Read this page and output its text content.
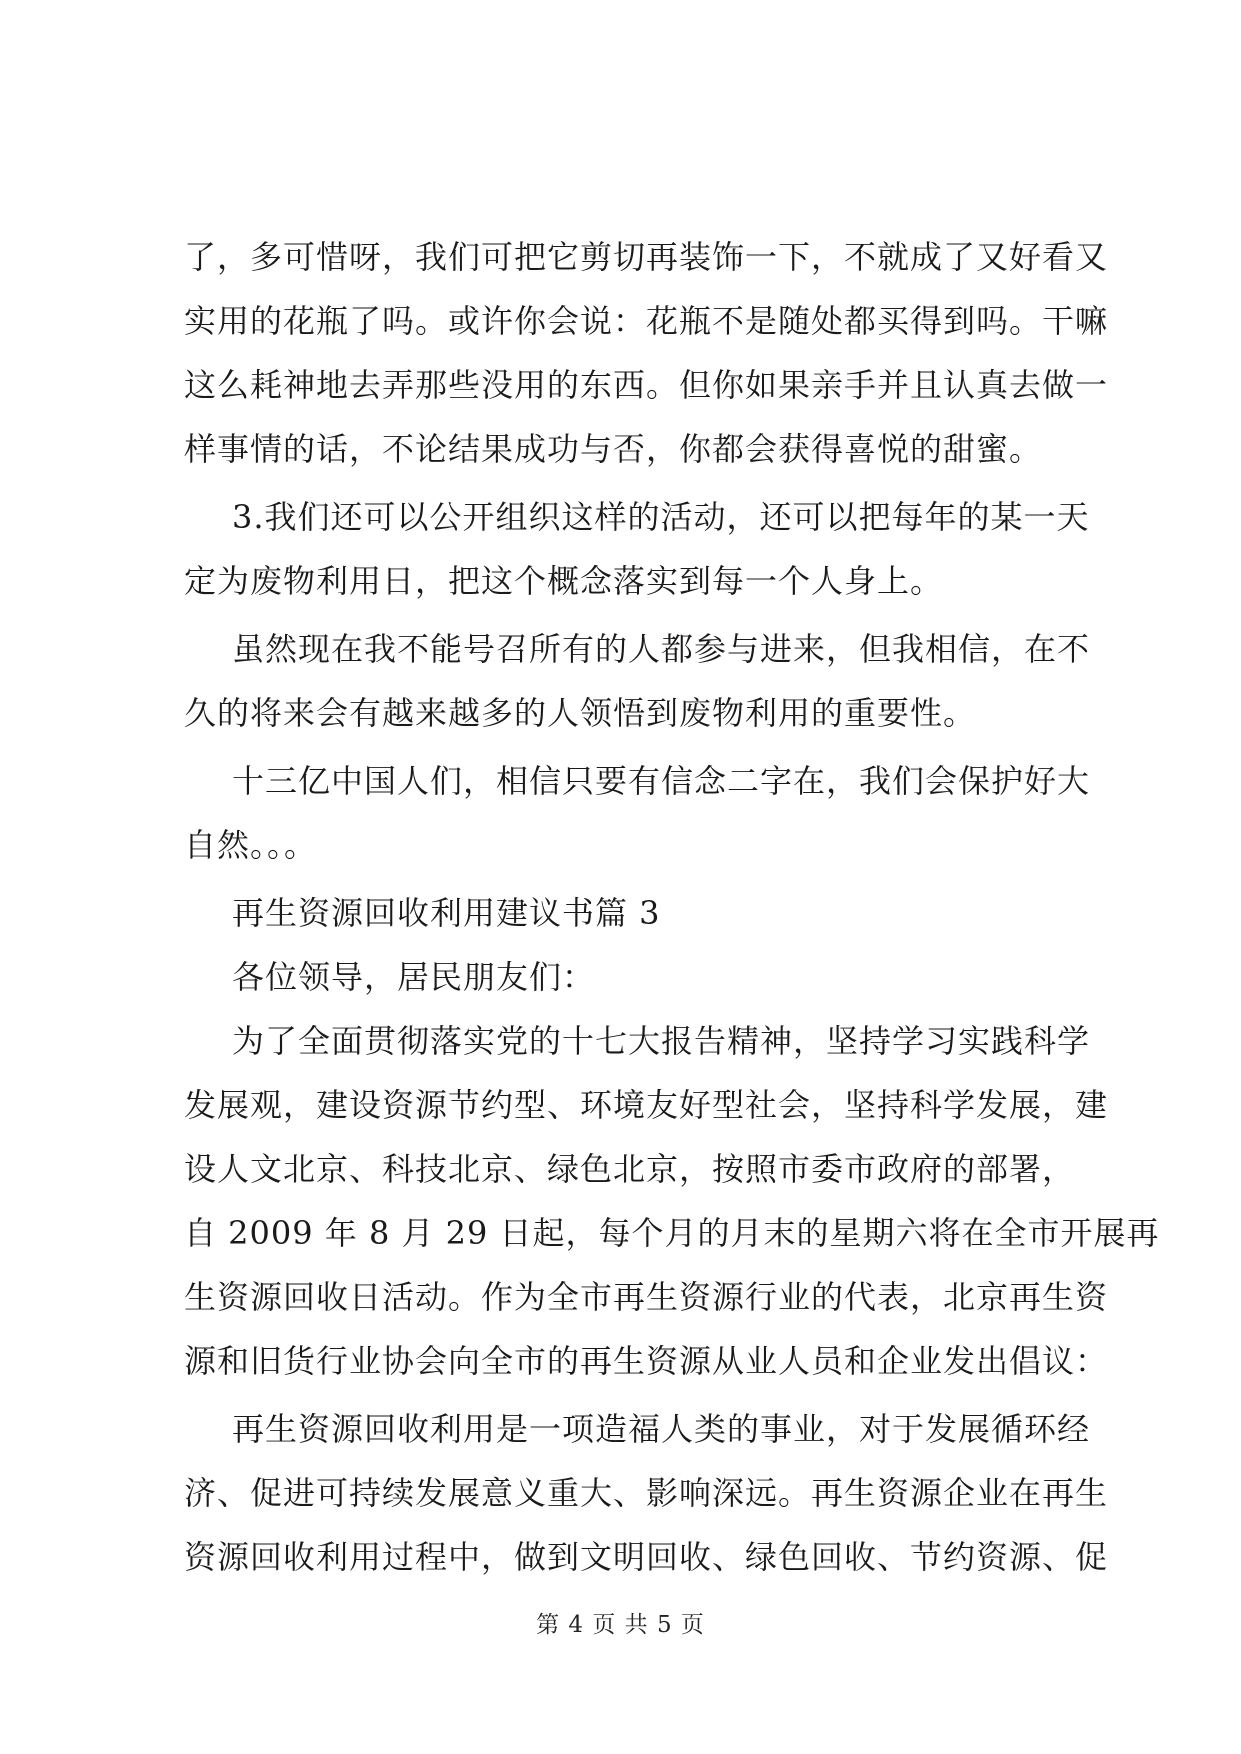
了，多可惜呀，我们可把它剪切再装饰一下，不就成了又好看又
实用的花瓶了吗。或许你会说：花瓶不是随处都买得到吗。干嘛
这么耗神地去弄那些没用的东西。但你如果亲手并且认真去做一
样事情的话，不论结果成功与否，你都会获得喜悦的甜蜜。
3.我们还可以公开组织这样的活动，还可以把每年的某一天
定为废物利用日，把这个概念落实到每一个人身上。
虽然现在我不能号召所有的人都参与进来，但我相信，在不
久的将来会有越来越多的人领悟到废物利用的重要性。
十三亿中国人们，相信只要有信念二字在，我们会保护好大
自然。。。
再生资源回收利用建议书篇 3
各位领导，居民朋友们：
为了全面贯彻落实党的十七大报告精神，坚持学习实践科学
发展观，建设资源节约型、环境友好型社会，坚持科学发展，建
设人文北京、科技北京、绿色北京，按照市委市政府的部署，
自 2009 年 8 月 29 日起，每个月的月末的星期六将在全市开展再
生资源回收日活动。作为全市再生资源行业的代表，北京再生资
源和旧货行业协会向全市的再生资源从业人员和企业发出倡议：
再生资源回收利用是一项造福人类的事业，对于发展循环经
济、促进可持续发展意义重大、影响深远。再生资源企业在再生
资源回收利用过程中，做到文明回收、绿色回收、节约资源、促
第 4 页 共 5 页
